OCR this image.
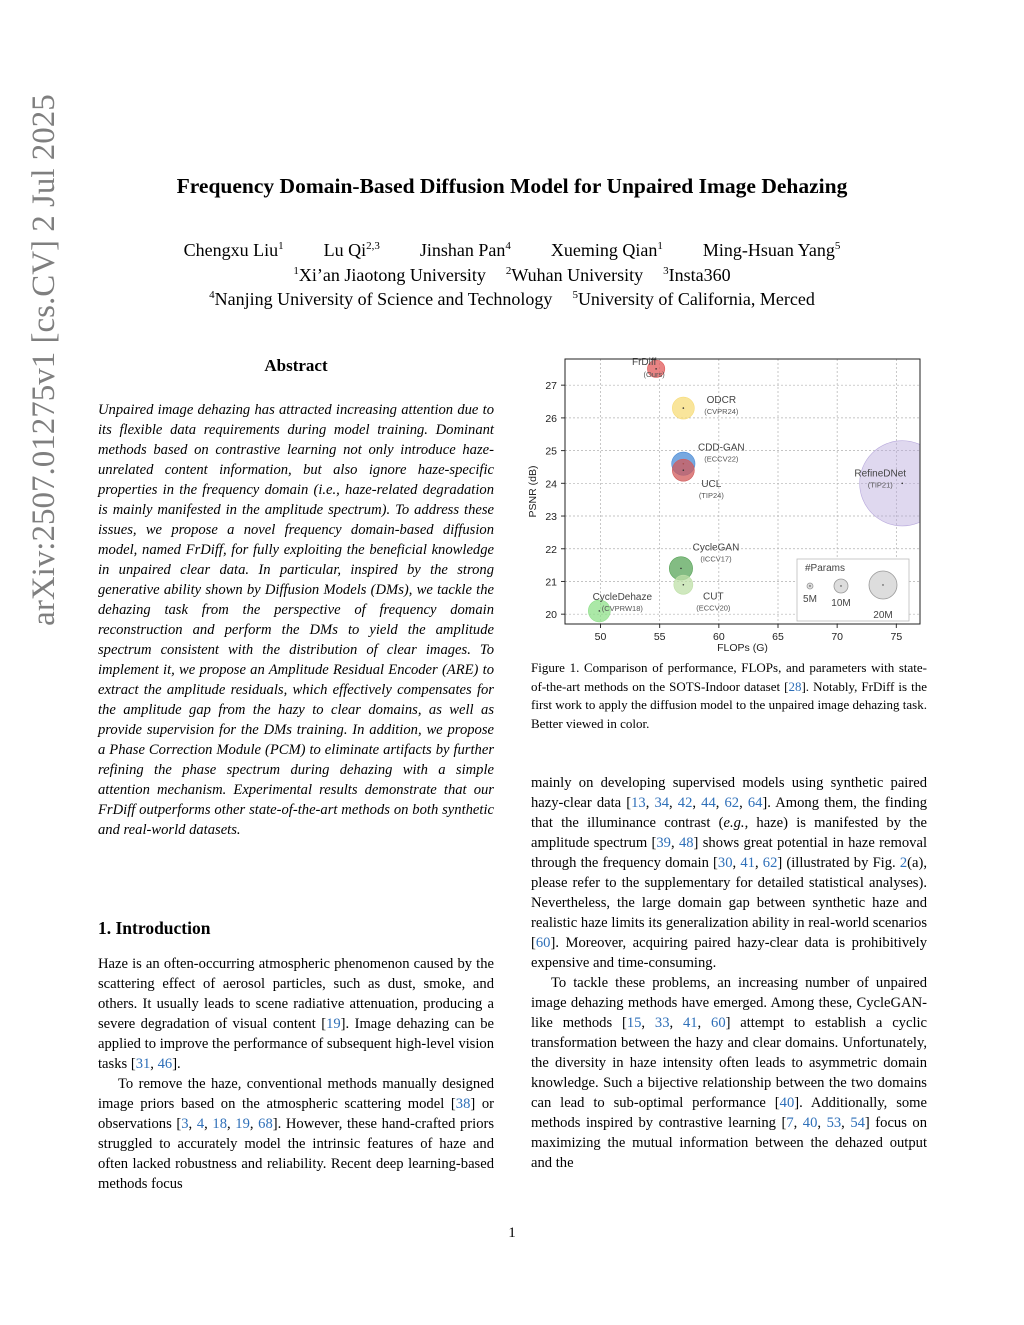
arXiv:2507.01275v1 [cs.CV] 2 Jul 2025	Frequency Domain-Based Diffusion Model for Unpaired Image Dehazing
Chengxu Liu$^1$ Lu Qi$^{2,3}$ Jinshan Pan$^4$ Xueming Qian$^1$ Ming-Hsuan Yang$^5$
$^1$Xi’an Jiaotong University $^2$Wuhan University $^3$Insta360
$^4$Nanjing University of Science and Technology $^5$University of California, Merced
Abstract

Unpaired image dehazing has attracted increasing attention due to its flexible data requirements during model training. Dominant methods based on contrastive learning not only introduce haze-unrelated content information, but also ignore haze-specific properties in the frequency domain (i.e., haze-related degradation is mainly manifested in the amplitude spectrum). To address these issues, we propose a novel frequency domain-based diffusion model, named FrDiff, for fully exploiting the beneficial knowledge in unpaired clear data. In particular, inspired by the strong generative ability shown by Diffusion Models (DMs), we tackle the dehazing task from the perspective of frequency domain reconstruction and perform the DMs to yield the amplitude spectrum consistent with the distribution of clear images. To implement it, we propose an Amplitude Residual Encoder (ARE) to extract the amplitude residuals, which effectively compensates for the amplitude gap from the hazy to clear domains, as well as provide supervision for the DMs training. In addition, we propose a Phase Correction Module (PCM) to eliminate artifacts by further refining the phase spectrum during dehazing with a simple attention mechanism. Experimental results demonstrate that our FrDiff outperforms other state-of-the-art methods on both synthetic and real-world datasets.

1. Introduction

Haze is an often-occurring atmospheric phenomenon caused by the scattering effect of aerosol particles, such as dust, smoke, and others. It usually leads to scene radiative attenuation, producing a severe degradation of visual content [19]. Image dehazing can be applied to improve the performance of subsequent high-level vision tasks [31, 46].

To remove the haze, conventional methods manually designed image priors based on the atmospheric scattering model [38] or observations [3, 4, 18, 19, 68]. However, these hand-crafted priors struggled to accurately model the intrinsic features of haze and often lacked robustness and reliability. Recent deep learning-based methods focus

50	55	60	65	70	75
20
21
22
23
24
25
26
27
FrDiff
(Ours)
ODCR
(CVPR24)
CDD-GAN
(ECCV22)
UCL
(TIP24)
RefineDNet
(TIP21)
CycleGAN
(ICCV17)
CUT
(ECCV20)
CycleDehaze
(CVPRW18)
#Params
5M 10M
20M
FLOPs (G)
PSNR (dB)
Figure 1. Comparison of performance, FLOPs, and parameters with state-of-the-art methods on the SOTS-Indoor dataset [28]. Notably, FrDiff is the first work to apply the diffusion model to the unpaired image dehazing task. Better viewed in color.

mainly on developing supervised models using synthetic paired hazy-clear data [13, 34, 42, 44, 62, 64]. Among them, the finding that the illuminance contrast (e.g., haze) is manifested by the amplitude spectrum [39, 48] shows great potential in haze removal through the frequency domain [30, 41, 62] (illustrated by Fig. 2(a), please refer to the supplementary for detailed statistical analyses). Nevertheless, the large domain gap between synthetic haze and realistic haze limits its generalization ability in real-world scenarios [60]. Moreover, acquiring paired hazy-clear data is prohibitively expensive and time-consuming.

To tackle these problems, an increasing number of unpaired image dehazing methods have emerged. Among these, CycleGAN-like methods [15, 33, 41, 60] attempt to establish a cyclic transformation between the hazy and clear domains. Unfortunately, the diversity in haze intensity often leads to asymmetric domain knowledge. Such a bijective relationship between the two domains can lead to sub-optimal performance [40]. Additionally, some methods inspired by contrastive learning [7, 40, 53, 54] focus on maximizing the mutual information between the dehazed output and the

1
